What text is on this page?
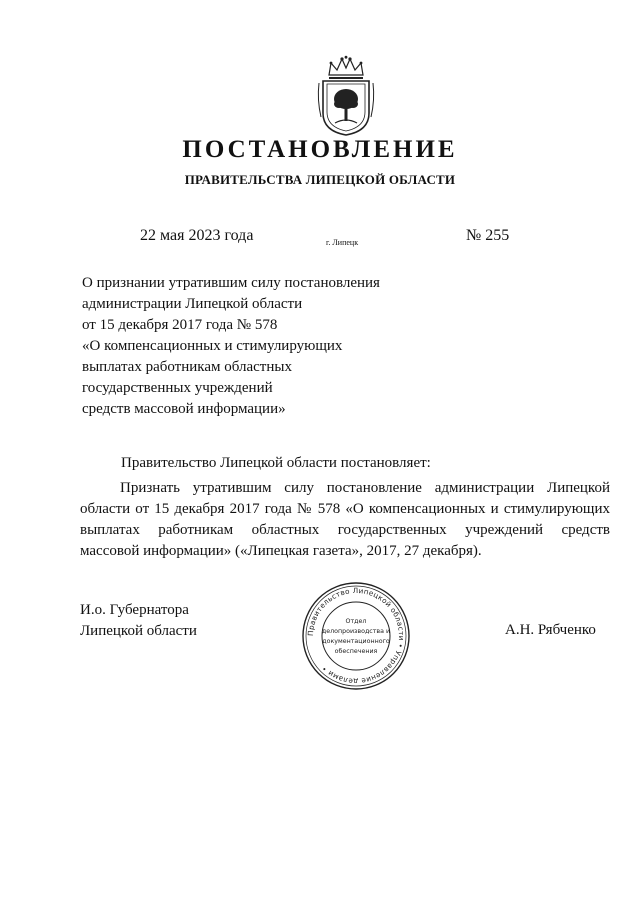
ПОСТАНОВЛЕНИЕ
ПРАВИТЕЛЬСТВА ЛИПЕЦКОЙ ОБЛАСТИ
22 мая 2023 года	г. Липецк	№ 255
О признании утратившим силу постановления
администрации Липецкой области
от 15 декабря 2017 года № 578
«О компенсационных и стимулирующих
выплатах работникам областных
государственных учреждений
средств массовой информации»
Правительство Липецкой области постановляет:
Признать утратившим силу постановление администрации Липецкой
области от 15 декабря 2017 года № 578 «О компенсационных и стимулирующих
выплатах работникам областных государственных учреждений средств
массовой информации» («Липецкая газета», 2017, 27 декабря).
И.о. Губернатора
Липецкой области	А.Н. Рябченко
Правительство Липецкой области • Управление делами •
Отдел
делопроизводства и
документационного
обеспечения
